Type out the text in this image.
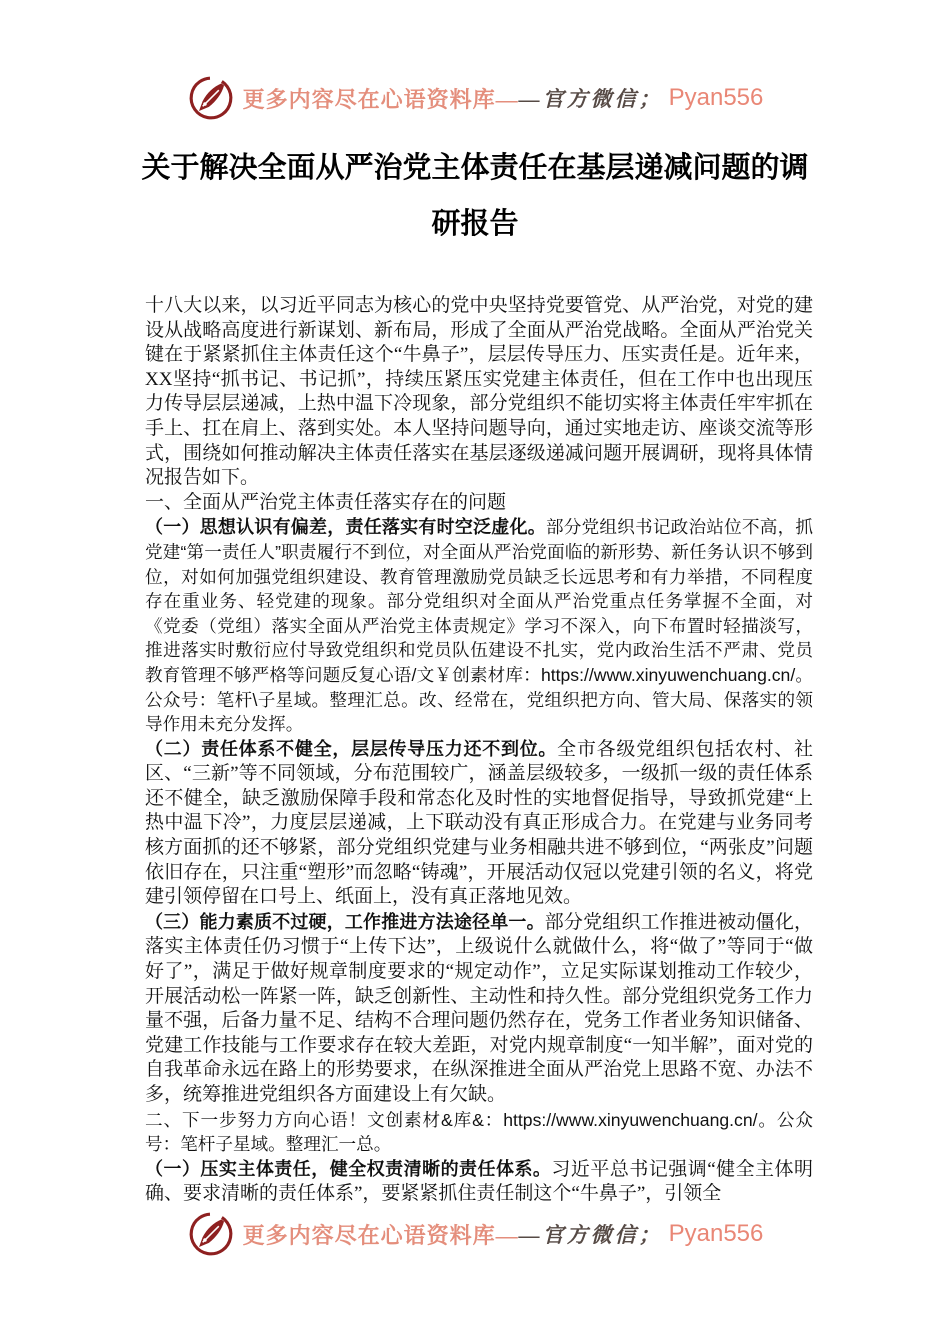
更多内容尽在心语资料库— —官方微信； Pyan556
关于解决全面从严治党主体责任在基层递减问题的调研报告

十八大以来，以习近平同志为核心的党中央坚持党要管党、从严治党，对党的建设从战略高度进行新谋划、新布局，形成了全面从严治党战略。全面从严治党关键在于紧紧抓住主体责任这个“牛鼻子”，层层传导压力、压实责任是。近年来，XX坚持“抓书记、书记抓”，持续压紧压实党建主体责任，但在工作中也出现压力传导层层递减，上热中温下冷现象，部分党组织不能切实将主体责任牢牢抓在手上、扛在肩上、落到实处。本人坚持问题导向，通过实地走访、座谈交流等形式，围绕如何推动解决主体责任落实在基层逐级递减问题开展调研，现将具体情况报告如下。

一、全面从严治党主体责任落实存在的问题

（一）思想认识有偏差，责任落实有时空泛虚化。部分党组织书记政治站位不高，抓党建“第一责任人”职责履行不到位，对全面从严治党面临的新形势、新任务认识不够到位，对如何加强党组织建设、教育管理激励党员缺乏长远思考和有力举措，不同程度存在重业务、轻党建的现象。部分党组织对全面从严治党重点任务掌握不全面，对《党委（党组）落实全面从严治党主体责规定》学习不深入，向下布置时轻描淡写，推进落实时敷衍应付导致党组织和党员队伍建设不扎实，党内政治生活不严肃、党员教育管理不够严格等问题反复心语/文￥创素材库：https://www.xinyuwenchuang.cn/。公众号：笔杆\子星域。整理汇总。改、经常在，党组织把方向、管大局、保落实的领导作用未充分发挥。

（二）责任体系不健全，层层传导压力还不到位。全市各级党组织包括农村、社区、“三新”等不同领域，分布范围较广，涵盖层级较多，一级抓一级的责任体系还不健全，缺乏激励保障手段和常态化及时性的实地督促指导，导致抓党建“上热中温下冷”，力度层层递减，上下联动没有真正形成合力。在党建与业务同考核方面抓的还不够紧，部分党组织党建与业务相融共进不够到位，“两张皮”问题依旧存在，只注重“塑形”而忽略“铸魂”，开展活动仅冠以党建引领的名义，将党建引领停留在口号上、纸面上，没有真正落地见效。

（三）能力素质不过硬，工作推进方法途径单一。部分党组织工作推进被动僵化，落实主体责任仍习惯于“上传下达”，上级说什么就做什么，将“做了”等同于“做好了”，满足于做好规章制度要求的“规定动作”，立足实际谋划推动工作较少，开展活动松一阵紧一阵，缺乏创新性、主动性和持久性。部分党组织党务工作力量不强，后备力量不足、结构不合理问题仍然存在，党务工作者业务知识储备、党建工作技能与工作要求存在较大差距，对党内规章制度“一知半解”，面对党的自我革命永远在路上的形势要求，在纵深推进全面从严治党上思路不宽、办法不多，统筹推进党组织各方面建设上有欠缺。

二、下一步努力方向心语！文创素材&库&：https://www.xinyuwenchuang.cn/。公众号：笔杆子星域。整理汇一总。

（一）压实主体责任，健全权责清晰的责任体系。习近平总书记强调“健全主体明确、要求清晰的责任体系”，要紧紧抓住责任制这个“牛鼻子”，引领全

更多内容尽在心语资料库— —官方微信； Pyan556
